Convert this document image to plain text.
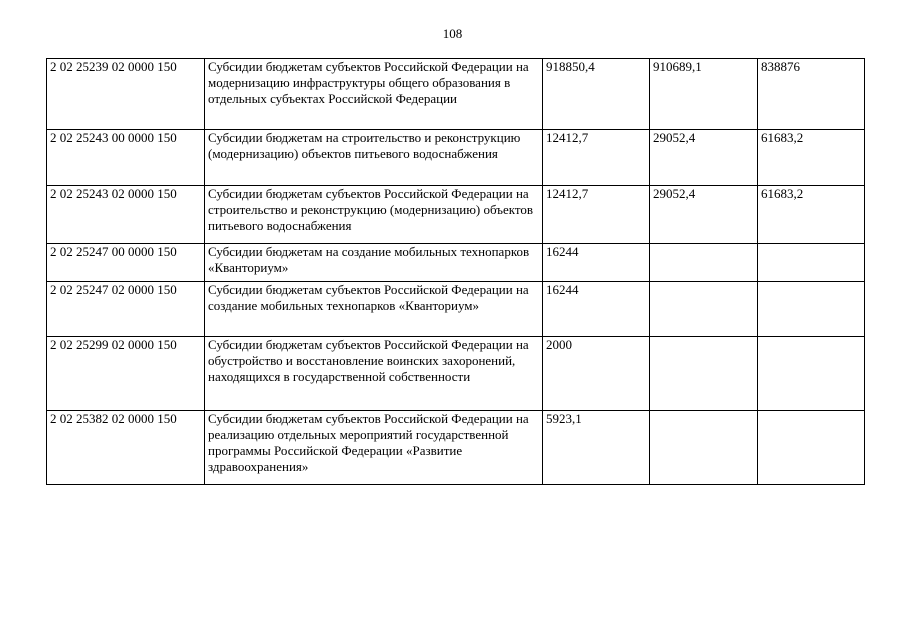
108
2 02 25239 02 0000 150	Субсидии бюджетам субъектов Российской Федерации на модернизацию инфраструктуры общего образования в отдельных субъектах Российской Федерации	918850,4	910689,1	838876
2 02 25243 00 0000 150	Субсидии бюджетам на строительство и реконструкцию (модернизацию) объектов питьевого водоснабжения	12412,7	29052,4	61683,2
2 02 25243 02 0000 150	Субсидии бюджетам субъектов Российской Федерации на строительство и реконструкцию (модернизацию) объектов питьевого водоснабжения	12412,7	29052,4	61683,2
2 02 25247 00 0000 150	Субсидии бюджетам на создание мобильных технопарков «Кванториум»	16244		
2 02 25247 02 0000 150	Субсидии бюджетам субъектов Российской Федерации на создание мобильных технопарков «Кванториум»	16244		
2 02 25299 02 0000 150	Субсидии бюджетам субъектов Российской Федерации на обустройство и восстановление воинских захоронений, находящихся в государственной собственности	2000		
2 02 25382 02 0000 150	Субсидии бюджетам субъектов Российской Федерации на реализацию отдельных мероприятий государственной программы Российской Федерации «Развитие здравоохранения»	5923,1		
